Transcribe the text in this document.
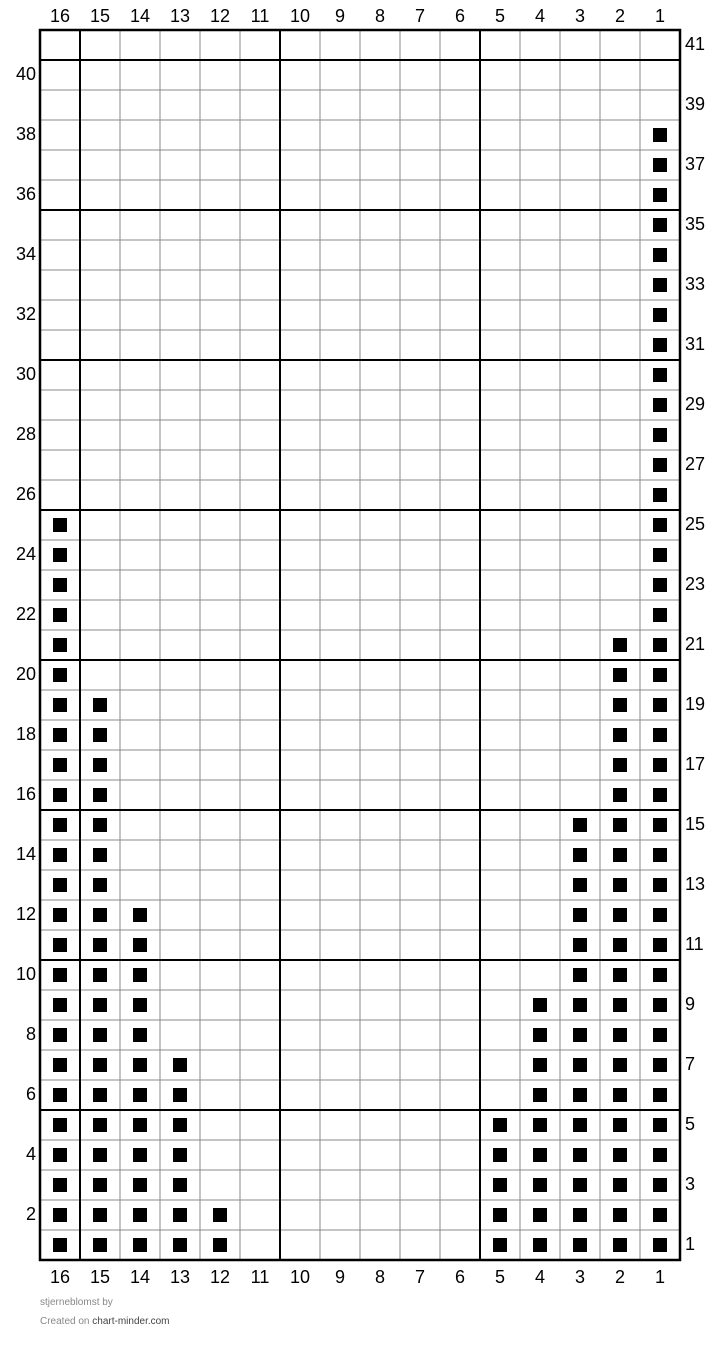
16
16
15
15
14
14
13
13
12
12
11
11
10
10
9
9
8
8
7
7
6
6
5
5
4
4
3
3
2
2
1
1
40
38
36
34
32
30
28
26
24
22
20
18
16
14
12
10
8
6
4
2
41
39
37
35
33
31
29
27
25
23
21
19
17
15
13
11
9
7
5
3
1
stjerneblomst by
Created on chart-minder.com
